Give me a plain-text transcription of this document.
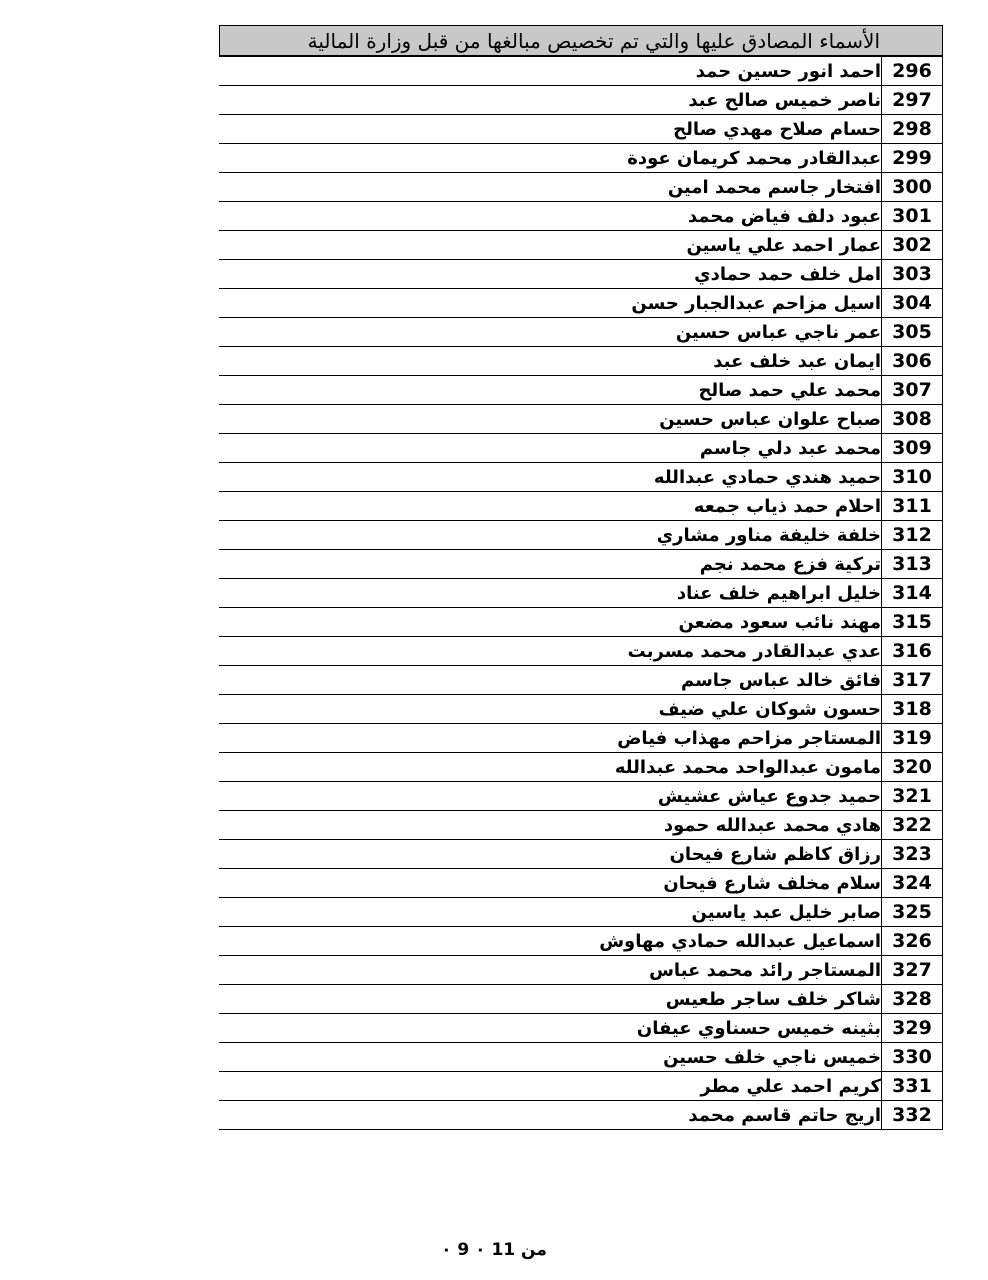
الأسماء المصادق عليها والتي تم تخصيص مبالغها من قبل وزارة المالية
296	احمد انور حسين حمد
297	ناصر خميس صالح عبد
298	حسام صلاح مهدي صالح
299	عبدالقادر محمد كريمان عودة
300	افتخار جاسم محمد امين
301	عبود دلف فياض محمد
302	عمار احمد علي ياسين
303	امل خلف حمد حمادي
304	اسيل مزاحم عبدالجبار حسن
305	عمر ناجي عباس حسين
306	ايمان عبد خلف عبد
307	محمد علي حمد صالح
308	صباح علوان عباس حسين
309	محمد عبد دلي جاسم
310	حميد هندي حمادي عبدالله
311	احلام حمد ذياب جمعه
312	خلفة خليفة مناور مشاري
313	تركية فزع محمد نجم
314	خليل ابراهيم خلف عناد
315	مهند نائب سعود مضعن
316	عدي عبدالقادر محمد مسربت
317	فائق خالد عباس جاسم
318	حسون شوكان علي ضيف
319	المستاجر مزاحم مهذاب فياض
320	مامون عبدالواحد محمد عبدالله
321	حميد جدوع عياش عشيش
322	هادي محمد عبدالله حمود
323	رزاق كاظم شارع فيحان
324	سلام مخلف شارع فيحان
325	صابر خليل عبد ياسين
326	اسماعيل عبدالله حمادي مهاوش
327	المستاجر رائد محمد عباس
328	شاكر خلف ساجر طعيس
329	بثينه خميس حسناوي عيفان
330	خميس ناجي خلف حسين
331	كريم احمد علي مطر
332	اريج حاتم قاسم محمد
٠ 9 من 11 ٠
